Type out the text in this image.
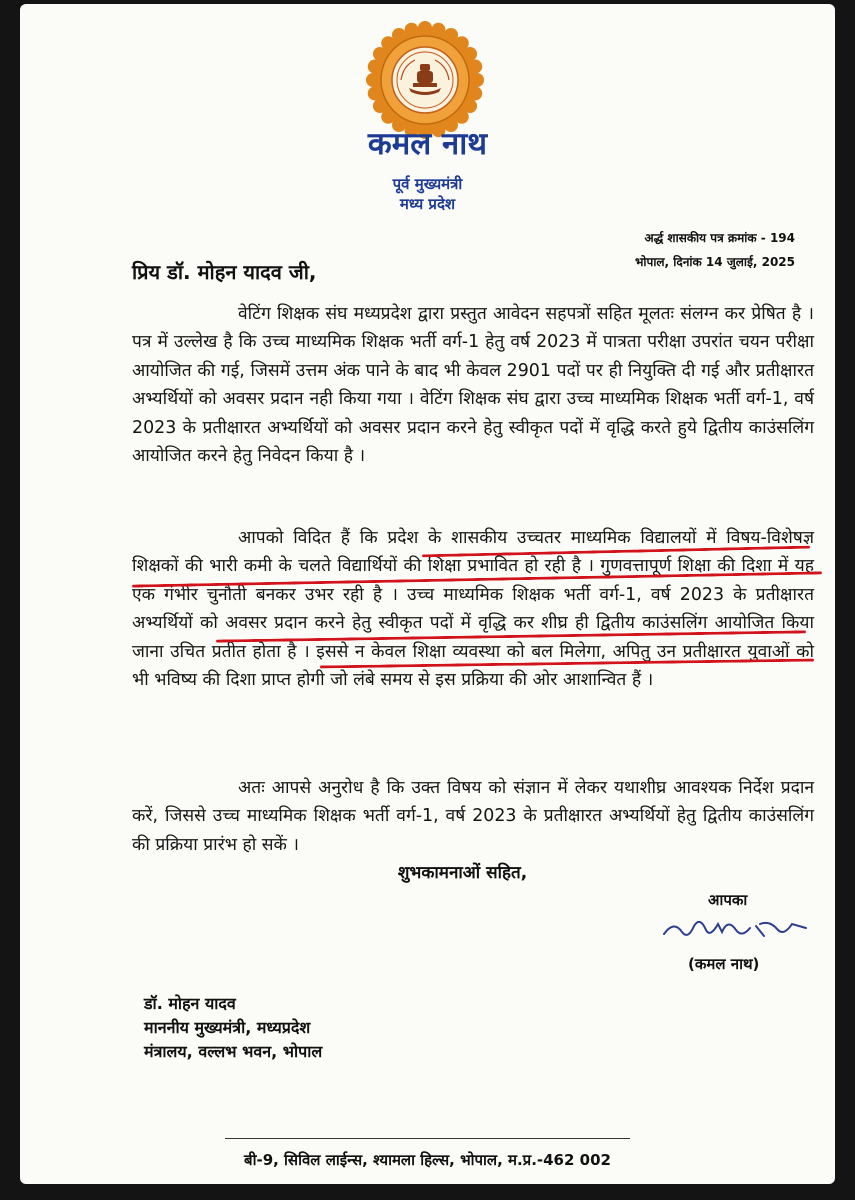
कमल नाथ
पूर्व मुख्यमंत्री
मध्य प्रदेश
अर्द्ध शासकीय पत्र क्रमांक - 194
भोपाल, दिनांक 14 जुलाई, 2025
प्रिय डॉ. मोहन यादव जी,

वेटिंग शिक्षक संघ मध्यप्रदेश द्वारा प्रस्तुत आवेदन सहपत्रों सहित मूलतः संलग्न कर प्रेषित है । पत्र में उल्लेख है कि उच्च माध्यमिक शिक्षक भर्ती वर्ग-1 हेतु वर्ष 2023 में पात्रता परीक्षा उपरांत चयन परीक्षा आयोजित की गई, जिसमें उत्तम अंक पाने के बाद भी केवल 2901 पदों पर ही नियुक्ति दी गई और प्रतीक्षारत अभ्यर्थियों को अवसर प्रदान नही किया गया । वेटिंग शिक्षक संघ द्वारा उच्च माध्यमिक शिक्षक भर्ती वर्ग-1, वर्ष 2023 के प्रतीक्षारत अभ्यर्थियों को अवसर प्रदान करने हेतु स्वीकृत पदों में वृद्धि करते हुये द्वितीय काउंसलिंग आयोजित करने हेतु निवेदन किया है ।

आपको विदित हैं कि प्रदेश के शासकीय उच्चतर माध्यमिक विद्यालयों में विषय-विशेषज्ञ शिक्षकों की भारी कमी के चलते विद्यार्थियों की शिक्षा प्रभावित हो रही है । गुणवत्तापूर्ण शिक्षा की दिशा में यह एक गंभीर चुनौती बनकर उभर रही है । उच्च माध्यमिक शिक्षक भर्ती वर्ग-1, वर्ष 2023 के प्रतीक्षारत अभ्यर्थियों को अवसर प्रदान करने हेतु स्वीकृत पदों में वृद्धि कर शीघ्र ही द्वितीय काउंसलिंग आयोजित किया जाना उचित प्रतीत होता है । इससे न केवल शिक्षा व्यवस्था को बल मिलेगा, अपितु उन प्रतीक्षारत युवाओं को भी भविष्य की दिशा प्राप्त होगी जो लंबे समय से इस प्रक्रिया की ओर आशान्वित हैं ।

अतः आपसे अनुरोध है कि उक्त विषय को संज्ञान में लेकर यथाशीघ्र आवश्यक निर्देश प्रदान करें, जिससे उच्च माध्यमिक शिक्षक भर्ती वर्ग-1, वर्ष 2023 के प्रतीक्षारत अभ्यर्थियों हेतु द्वितीय काउंसलिंग की प्रक्रिया प्रारंभ हो सकें ।

शुभकामनाओं सहित,
आपका
(कमल नाथ)
डॉ. मोहन यादव
माननीय मुख्यमंत्री, मध्यप्रदेश
मंत्रालय, वल्लभ भवन, भोपाल
बी-9, सिविल लाईन्स, श्यामला हिल्स, भोपाल, म.प्र.-462 002
